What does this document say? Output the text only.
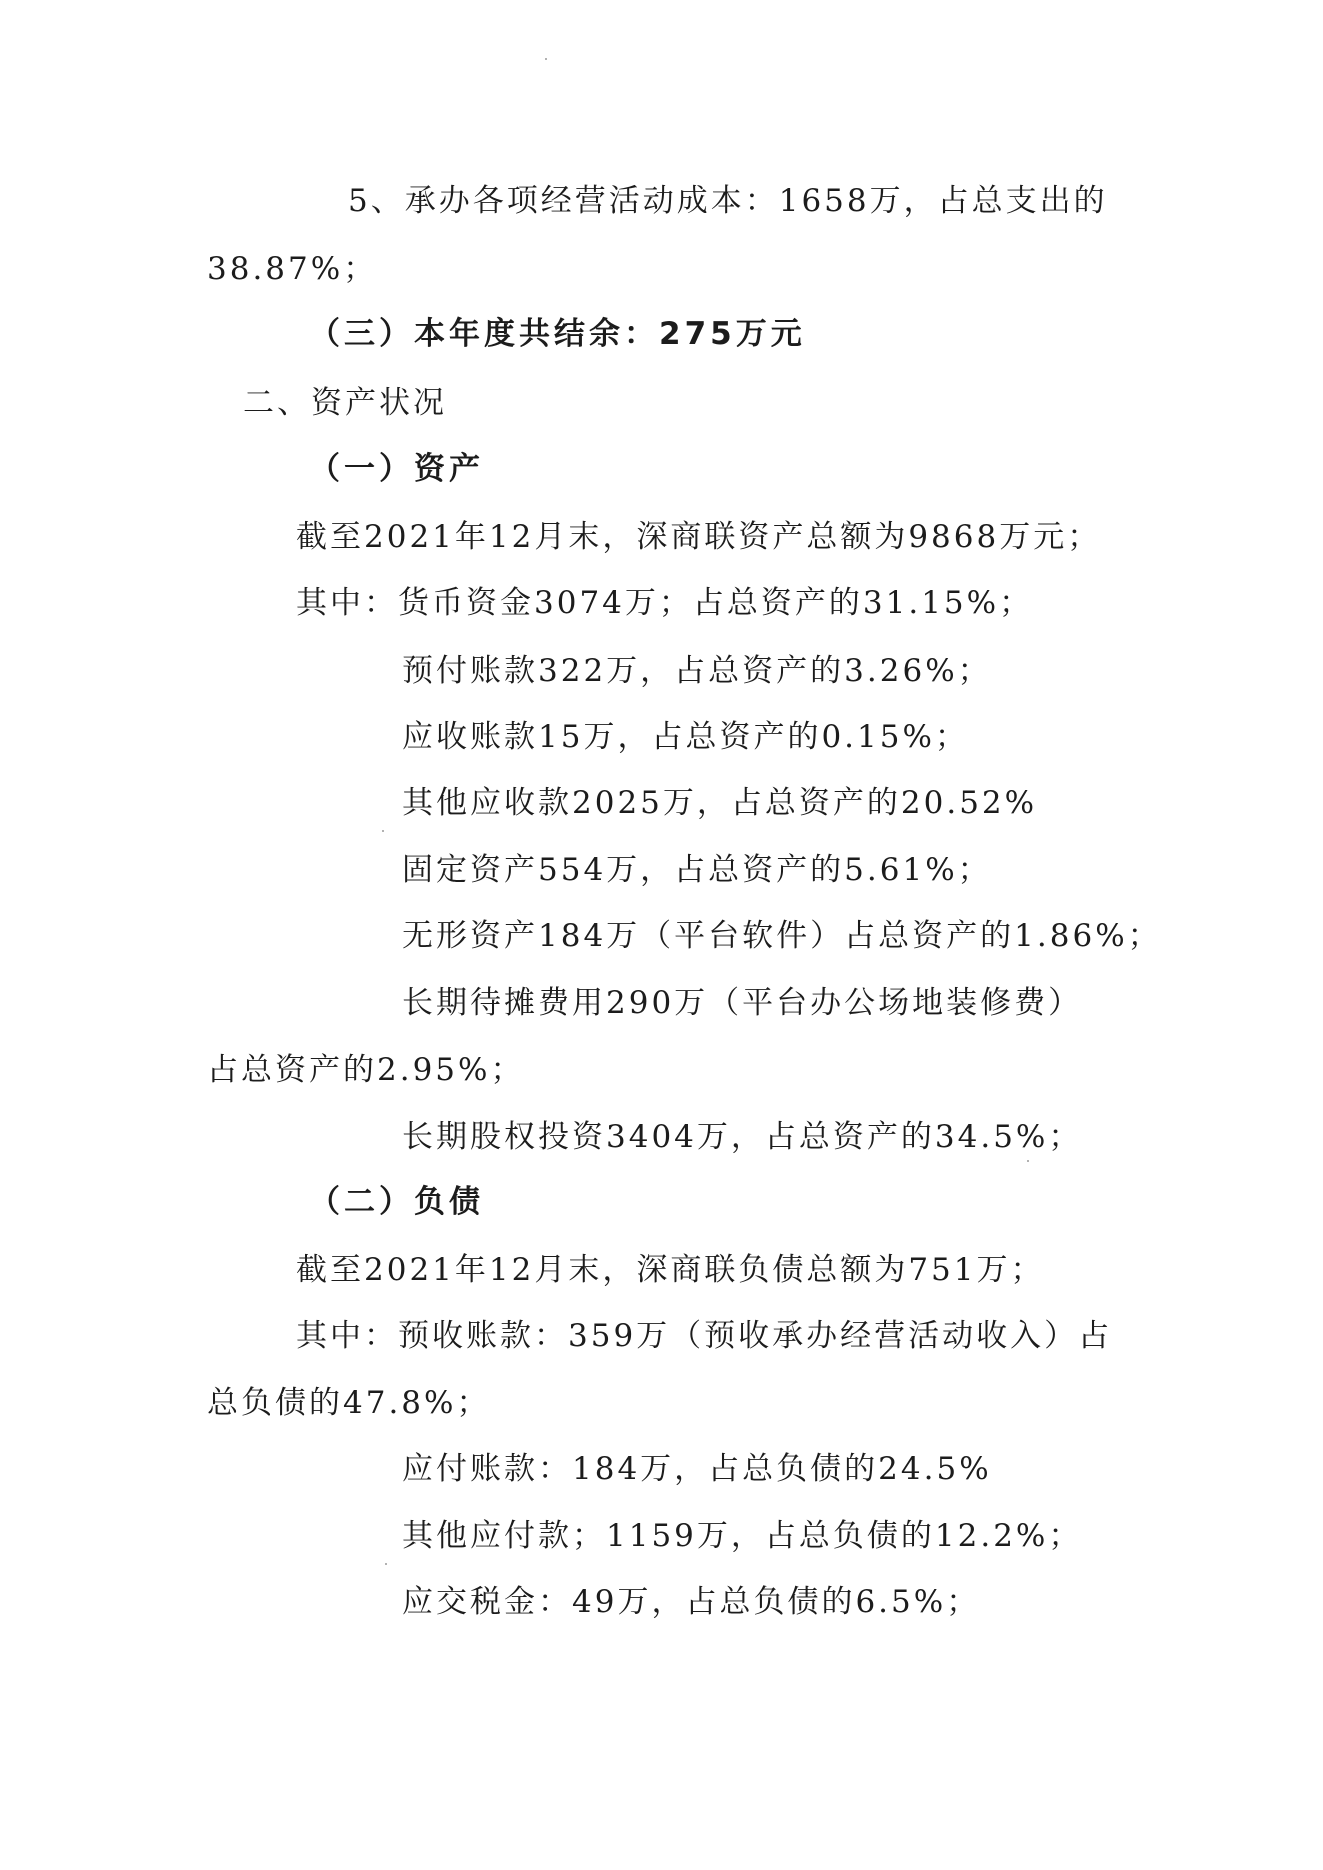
5、承办各项经营活动成本：1658万，占总支出的
38.87%；
（三）本年度共结余：275万元
二、资产状况
（一）资产
截至2021年12月末，深商联资产总额为9868万元；
其中：货币资金3074万；占总资产的31.15%；
预付账款322万，占总资产的3.26%；
应收账款15万，占总资产的0.15%；
其他应收款2025万，占总资产的20.52%
固定资产554万，占总资产的5.61%；
无形资产184万（平台软件）占总资产的1.86%；
长期待摊费用290万（平台办公场地装修费）
占总资产的2.95%；
长期股权投资3404万，占总资产的34.5%；
（二）负债
截至2021年12月末，深商联负债总额为751万；
其中：预收账款：359万（预收承办经营活动收入）占
总负债的47.8%；
应付账款：184万，占总负债的24.5%
其他应付款；1159万，占总负债的12.2%；
应交税金：49万，占总负债的6.5%；
